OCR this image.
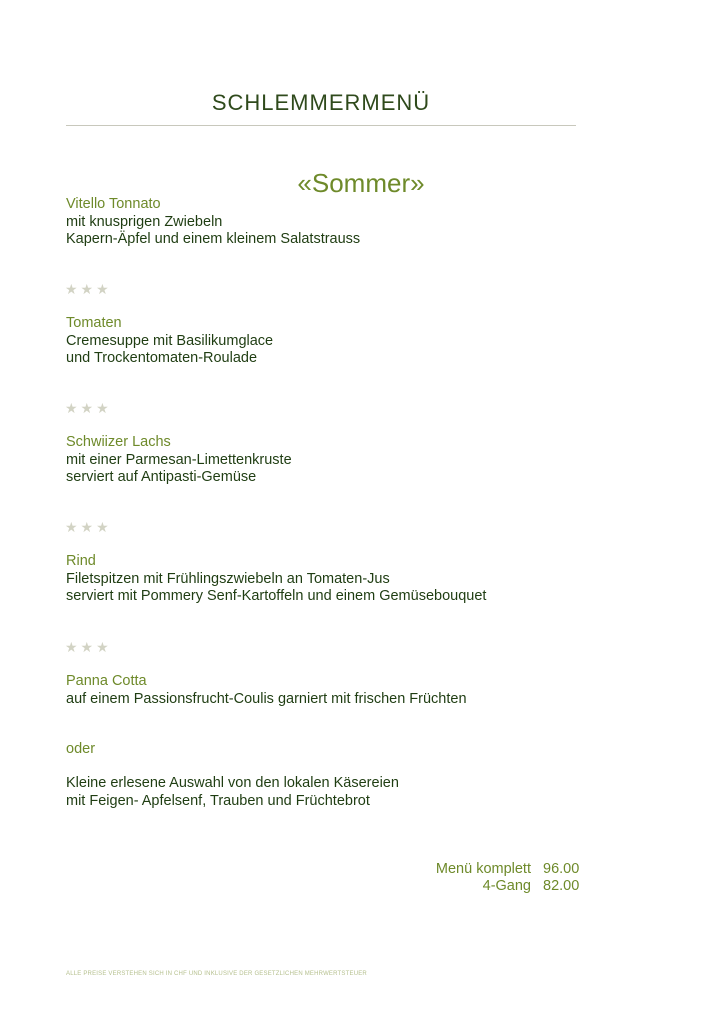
SCHLEMMERMENÜ
«Sommer»
Vitello Tonnato
mit knusprigen Zwiebeln
Kapern-Äpfel und einem kleinem Salatstrauss
★★★
Tomaten
Cremesuppe mit Basilikumglace
und Trockentomaten-Roulade
★★★
Schwiizer Lachs
mit einer Parmesan-Limettenkruste
serviert auf Antipasti-Gemüse
★★★
Rind
Filetspitzen mit Frühlingszwiebeln an Tomaten-Jus
serviert mit Pommery Senf-Kartoffeln und einem Gemüsebouquet
★★★
Panna Cotta
auf einem Passionsfrucht-Coulis garniert mit frischen Früchten
oder
Kleine erlesene Auswahl von den lokalen Käsereien
mit Feigen- Apfelsenf, Trauben und Früchtebrot
Menü komplett 96.00
4-Gang 82.00
ALLE PREISE VERSTEHEN SICH IN CHF UND INKLUSIVE DER GESETZLICHEN MEHRWERTSTEUER
